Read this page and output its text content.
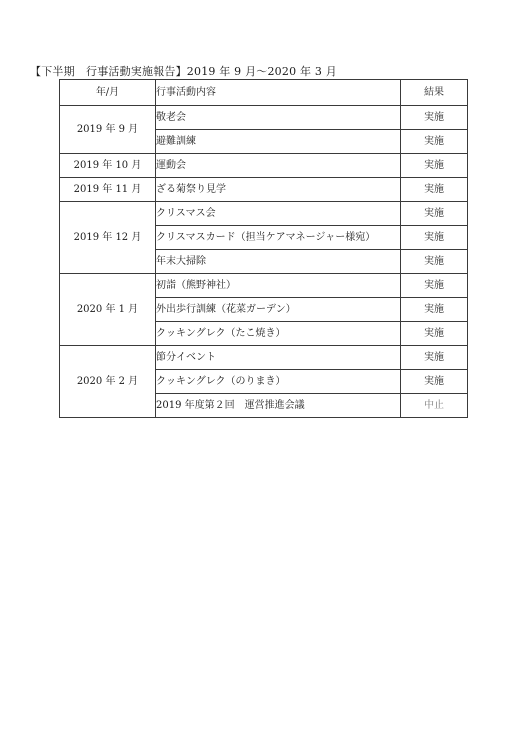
【下半期　行事活動実施報告】2019 年 9 月～2020 年 3 月
年/月	行事活動内容	結果
2019 年 9 月	敬老会	実施
	避難訓練	実施
2019 年 10 月	運動会	実施
2019 年 11 月	ざる菊祭り見学	実施
2019 年 12 月	クリスマス会	実施
	クリスマスカード（担当ケアマネージャー様宛）	実施
	年末大掃除	実施
2020 年 1 月	初詣（熊野神社）	実施
	外出歩行訓練（花菜ガーデン）	実施
	クッキングレク（たこ焼き）	実施
2020 年 2 月	節分イベント	実施
	クッキングレク（のりまき）	実施
	2019 年度第２回　運営推進会議	中止
